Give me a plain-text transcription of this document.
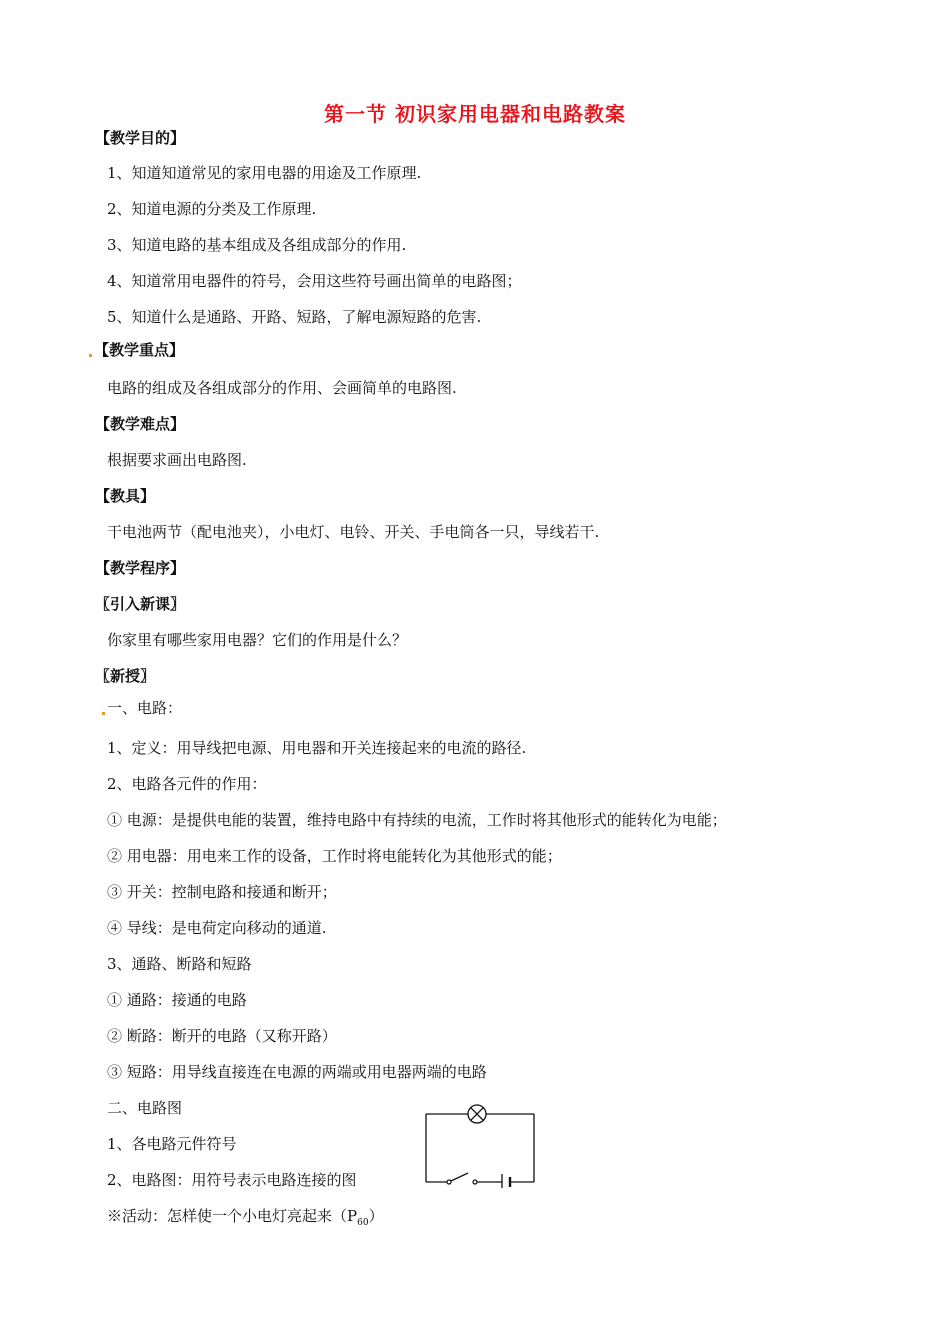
第一节 初识家用电器和电路教案
【教学目的】
1、知道知道常见的家用电器的用途及工作原理.
2、知道电源的分类及工作原理.
3、知道电路的基本组成及各组成部分的作用.
4、知道常用电器件的符号，会用这些符号画出简单的电路图；
5、知道什么是通路、开路、短路，了解电源短路的危害.
【教学重点】
电路的组成及各组成部分的作用、会画简单的电路图.
【教学难点】
根据要求画出电路图.
【教具】
干电池两节（配电池夹），小电灯、电铃、开关、手电筒各一只，导线若干.
【教学程序】
〖引入新课〗
你家里有哪些家用电器？它们的作用是什么？
〖新授〗
一、电路：
1、定义：用导线把电源、用电器和开关连接起来的电流的路径.
2、电路各元件的作用：
① 电源：是提供电能的装置，维持电路中有持续的电流，工作时将其他形式的能转化为电能；
② 用电器：用电来工作的设备，工作时将电能转化为其他形式的能；
③ 开关：控制电路和接通和断开；
④ 导线：是电荷定向移动的通道.
3、通路、断路和短路
① 通路：接通的电路
② 断路：断开的电路（又称开路）
③ 短路：用导线直接连在电源的两端或用电器两端的电路
二、电路图
1、各电路元件符号
2、电路图：用符号表示电路连接的图
※活动：怎样使一个小电灯亮起来$(P_{60})$
